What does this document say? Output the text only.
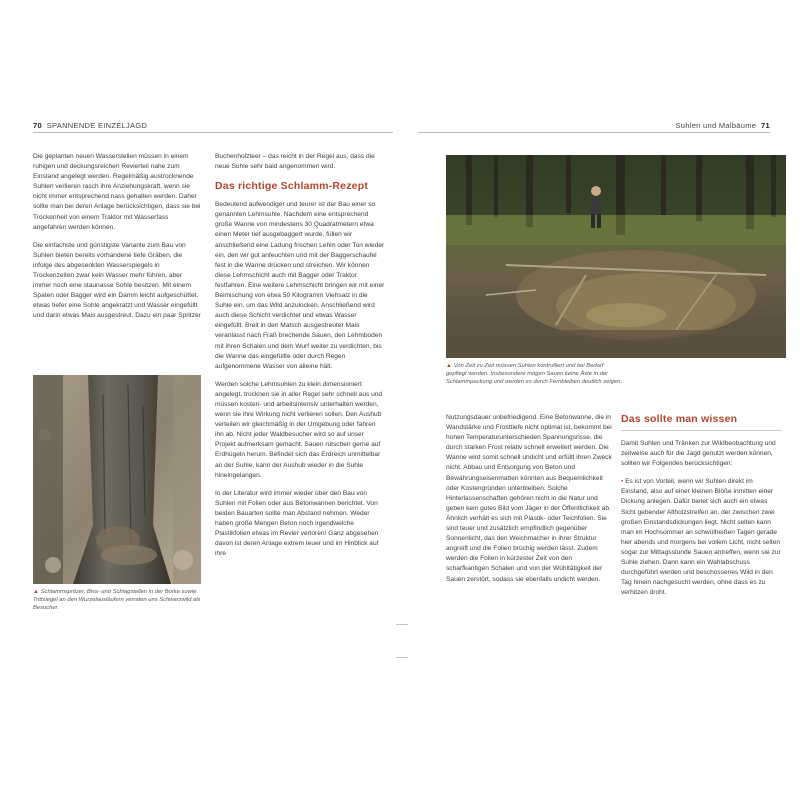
70 SPANNENDE EINZELJAGD	Suhlen und Malbäume 71

Die geplanten neuen Wasserstellen müssen in einem ruhigen und deckungsreichen Revierteil nahe zum Einstand angelegt werden. Regelmäßig austrocknende Suhlen verlieren rasch ihre Anziehungskraft, wenn sie nicht immer entsprechend nass gehalten werden. Daher sollte man bei deren Anlage berücksichtigen, dass sie bei Trockenheit von einem Traktor mit Wasserfass angefahren werden können.

Die einfachste und günstigste Variante zum Bau von Suhlen bieten bereits vorhandene tiefe Gräben, die infolge des abgesenkten Wasserspiegels in Trockenzeiten zwar kein Wasser mehr führen, aber immer noch eine staunasse Sohle besitzen. Mit einem Spaten oder Bagger wird ein Damm leicht aufgeschüttet, etwas tiefer eine Sohle angekratzt und Wasser eingefüllt und darin etwas Mais ausgestreut. Dazu ein paar Spritzer

▲ Schlammspritzer, Biss- und Schlagstellen in der Borke sowie Trittsiegel an den Wurzelausläufern verraten uns Schwarzwild als Besucher.

Buchenholzteer – das reicht in der Regel aus, dass die neue Suhle sehr bald angenommen wird.

Das richtige Schlamm-Rezept

Bedeutend aufwendiger und teurer ist der Bau einer so genannten Lehmsuhle. Nachdem eine entsprechend große Wanne von mindestens 30 Quadratmetern etwa einen Meter tief ausgebaggert wurde, füllen wir anschließend eine Ladung frischen Lehm oder Ton wieder ein, den wir gut anfeuchten und mit der Baggerschaufel fest in die Wanne drücken und streichen. Wir können diese Lehmschicht auch mit Bagger oder Traktor festfahren. Eine weitere Lehmschicht bringen wir mit einer Beimischung von etwa 50 Kilogramm Viehsalz in die Suhle ein, um das Wild anzulocken. Anschließend wird auch diese Schicht verdichtet und etwas Wasser eingefüllt. Breit in den Matsch ausgestreuter Mais veranlasst nach Fraß brechende Sauen, den Lehmboden mit ihren Schalen und dem Wurf weiter zu verdichten, bis die Wanne das eingefüllte oder durch Regen aufgenommene Wasser von alleine hält.

Werden solche Lehmsuhlen zu klein dimensioniert angelegt, trocknen sie in aller Regel sehr schnell aus und müssen kosten- und arbeitsintensiv unterhalten werden, wenn sie ihre Wirkung nicht verlieren sollen. Den Aushub verteilen wir gleichmäßig in der Umgebung oder fahren ihn ab. Nicht jeder Waldbesucher wird so auf unser Projekt aufmerksam gemacht. Sauen rutschen gerne auf Erdhügeln herum. Befindet sich das Erdreich unmittelbar an der Suhle, kann der Aushub wieder in die Suhle hineingelangen.

In der Literatur wird immer wieder über den Bau von Suhlen mit Folien oder aus Betonwannen berichtet. Von beiden Bauarten sollte man Abstand nehmen. Weder haben große Mengen Beton noch irgendwelche Plastikfolien etwas im Revier verloren! Ganz abgesehen davon ist deren Anlage extrem teuer und im Hinblick auf ihre

▲ Von Zeit zu Zeit müssen Suhlen kontrolliert und bei Bedarf gepflegt werden. Insbesondere mögen Sauen keine Äste in der Schlammpackung und werden es durch Fernbleiben deutlich zeigen.

Nutzungsdauer unbefriedigend. Eine Betonwanne, die in Wandstärke und Frosttiefe nicht optimal ist, bekommt bei hohen Temperaturunterschieden Spannungsrisse, die durch starken Frost relativ schnell erweitert werden. Die Wanne wird somit schnell undicht und erfüllt ihren Zweck nicht. Abbau und Entsorgung von Beton und Bewährungseisenmatten könnten aus Bequemlichkeit oder Kostengründen unterbleiben. Solche Hinterlassenschaften gehören nicht in die Natur und geben kein gutes Bild vom Jäger in der Öffentlichkeit ab. Ähnlich verhält es sich mit Plastik- oder Teichfolien. Sie sind teuer und zusätzlich empfindlich gegenüber Sonnenlicht, das den Weichmacher in ihrer Struktur angreift und die Folien brüchig werden lässt. Zudem werden die Folien in kürzester Zeit von den scharfkantigen Schalen und von der Wühltätigkeit der Sauen zerstört, sodass sie ebenfalls undicht werden.

Das sollte man wissen

Damit Suhlen und Tränken zur Wildbeobachtung und zeitweise auch für die Jagd genutzt werden können, sollten wir Folgendes berücksichtigen:

• Es ist von Vorteil, wenn wir Suhlen direkt im Einstand, also auf einer kleinen Blöße inmitten einer Dickung anlegen. Dafür bietet sich auch ein etwas Sicht gebender Altholzstreifen an, der zwischen zwei großen Einstandsdickungen liegt. Nicht selten kann man im Hochsommer an schwülheißen Tagen gerade hier abends und morgens bei vollem Licht, nicht selten sogar zur Mittagsstunde Sauen antreffen, wenn sie zur Suhle ziehen. Dann kann ein Wahlabschuss durchgeführt werden und beschossenes Wild in den Tag hinein nachgesucht werden, ohne dass es zu verhitzen droht.
